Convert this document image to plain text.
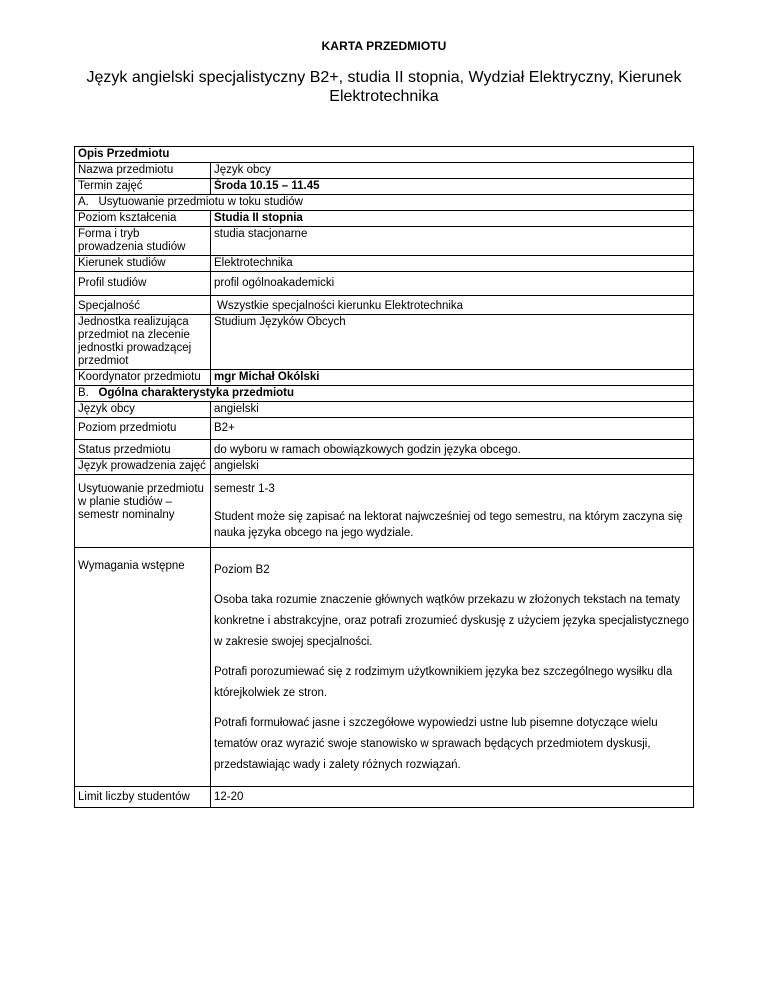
KARTA PRZEDMIOTU
Język angielski specjalistyczny B2+, studia II stopnia, Wydział Elektryczny, Kierunek Elektrotechnika
Opis Przedmiotu	
Nazwa przedmiotu	Język obcy
Termin zajęć	Środa 10.15 – 11.45
A.   Usytuowanie przedmiotu w toku studiów	
Poziom kształcenia	Studia II stopnia
Forma i tryb prowadzenia studiów	studia stacjonarne
Kierunek studiów	Elektrotechnika
Profil studiów	profil ogólnoakademicki
Specjalność	Wszystkie specjalności kierunku Elektrotechnika
Jednostka realizująca przedmiot na zlecenie jednostki prowadzącej przedmiot	Studium Języków Obcych
Koordynator przedmiotu	mgr Michał Okólski
B.   Ogólna charakterystyka przedmiotu	
Język obcy	angielski
Poziom przedmiotu	B2+
Status przedmiotu	do wyboru w ramach obowiązkowych godzin języka obcego.
Język prowadzenia zajęć	angielski
Usytuowanie przedmiotu w planie studiów – semestr nominalny	semestr 1-3
Student może się zapisać na lektorat najwcześniej od tego semestru, na którym zaczyna się nauka języka obcego na jego wydziale.

Wymagania wstępne	Poziom B2

Osoba taka rozumie znaczenie głównych wątków przekazu w złożonych tekstach na tematy konkretne i abstrakcyjne, oraz potrafi zrozumieć dyskusję z użyciem języka specjalistycznego w zakresie swojej specjalności.

Potrafi porozumiewać się z rodzimym użytkownikiem języka bez szczególnego wysiłku dla którejkolwiek ze stron.

Potrafi formułować jasne i szczegółowe wypowiedzi ustne lub pisemne dotyczące wielu tematów oraz wyrazić swoje stanowisko w sprawach będących przedmiotem dyskusji, przedstawiając wady i zalety różnych rozwiązań.

Limit liczby studentów	12-20
